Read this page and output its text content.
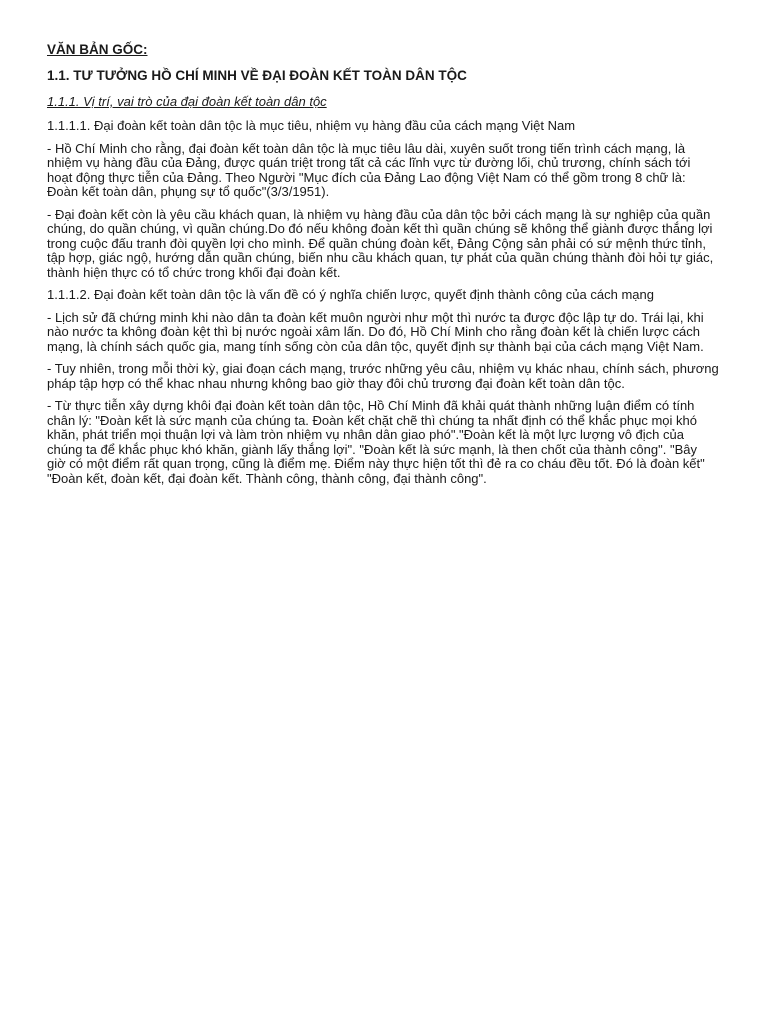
VĂN BẢN GỐC:
1.1. TƯ TƯỞNG HỒ CHÍ MINH VỀ ĐẠI ĐOÀN KẾT TOÀN DÂN TỘC
1.1.1. Vị trí, vai trò của đại đoàn kết toàn dân tộc
1.1.1.1. Đại đoàn kết toàn dân tộc là mục tiêu, nhiệm vụ hàng đầu của cách mạng Việt Nam
- Hồ Chí Minh cho rằng, đại đoàn kết toàn dân tộc là mục tiêu lâu dài, xuyên suốt trong tiến trình cách mạng, là nhiệm vụ hàng đầu của Đảng, được quán triệt trong tất cả các lĩnh vực từ đường lối, chủ trương, chính sách tới hoạt động thực tiễn của Đảng. Theo Người "Mục đích của Đảng Lao động Việt Nam có thể gồm trong 8 chữ là: Đoàn kết toàn dân, phụng sự tổ quốc"(3/3/1951).
- Đại đoàn kết còn là yêu cầu khách quan, là nhiệm vụ hàng đầu của dân tộc bởi cách mạng là sự nghiệp của quần chúng, do quần chúng, vì quần chúng.Do đó nếu không đoàn kết thì quần chúng sẽ không thể giành được thắng lợi trong cuộc đấu tranh đòi quyền lợi cho mình. Để quần chúng đoàn kết, Đảng Cộng sản phải có sứ mệnh thức tỉnh, tập hợp, giác ngộ, hướng dẫn quần chúng, biến nhu cầu khách quan, tự phát của quần chúng thành đòi hỏi tự giác, thành hiện thực có tổ chức trong khối đại đoàn kết.
1.1.1.2. Đại đoàn kết toàn dân tộc là vấn đề có ý nghĩa chiến lược, quyết định thành công của cách mạng
- Lịch sử đã chứng minh khi nào dân ta đoàn kết muôn người như một thì nước ta được độc lập tự do. Trái lại, khi nào nước ta không đoàn kệt thì bị nước ngoài xâm lấn. Do đó, Hồ Chí Minh cho rằng đoàn kết là chiến lược cách mạng, là chính sách quốc gia, mang tính sống còn của dân tộc, quyết định sự thành bại của cách mạng Việt Nam.
- Tuy nhiên, trong mỗi thời kỳ, giai đoạn cách mạng, trước những yêu câu, nhiệm vụ khác nhau, chính sách, phương pháp tập hợp có thể khac nhau nhưng không bao giờ thay đôi chủ trương đại đoàn kết toàn dân tộc.
- Từ thực tiễn xây dựng khôi đại đoàn kết toàn dân tộc, Hồ Chí Minh đã khải quát thành những luận điểm có tính chân lý: "Đoàn kết là sức mạnh của chúng ta. Đoàn kết chặt chẽ thì chúng ta nhất định có thể khắc phục mọi khó khăn, phát triển mọi thuận lợi và làm tròn nhiệm vụ nhân dân giao phó"."Đoàn kết là một lực lượng vô địch của chúng ta để khắc phục khó khăn, giành lấy thắng lợi". "Đoàn kết là sức mạnh, là then chốt của thành công". "Bây giờ có một điểm rất quan trọng, cũng là điểm mẹ. Điểm này thực hiện tốt thì đẻ ra co cháu đều tốt. Đó là đoàn kết" "Đoàn kết, đoàn kết, đại đoàn kết. Thành công, thành công, đại thành công".
